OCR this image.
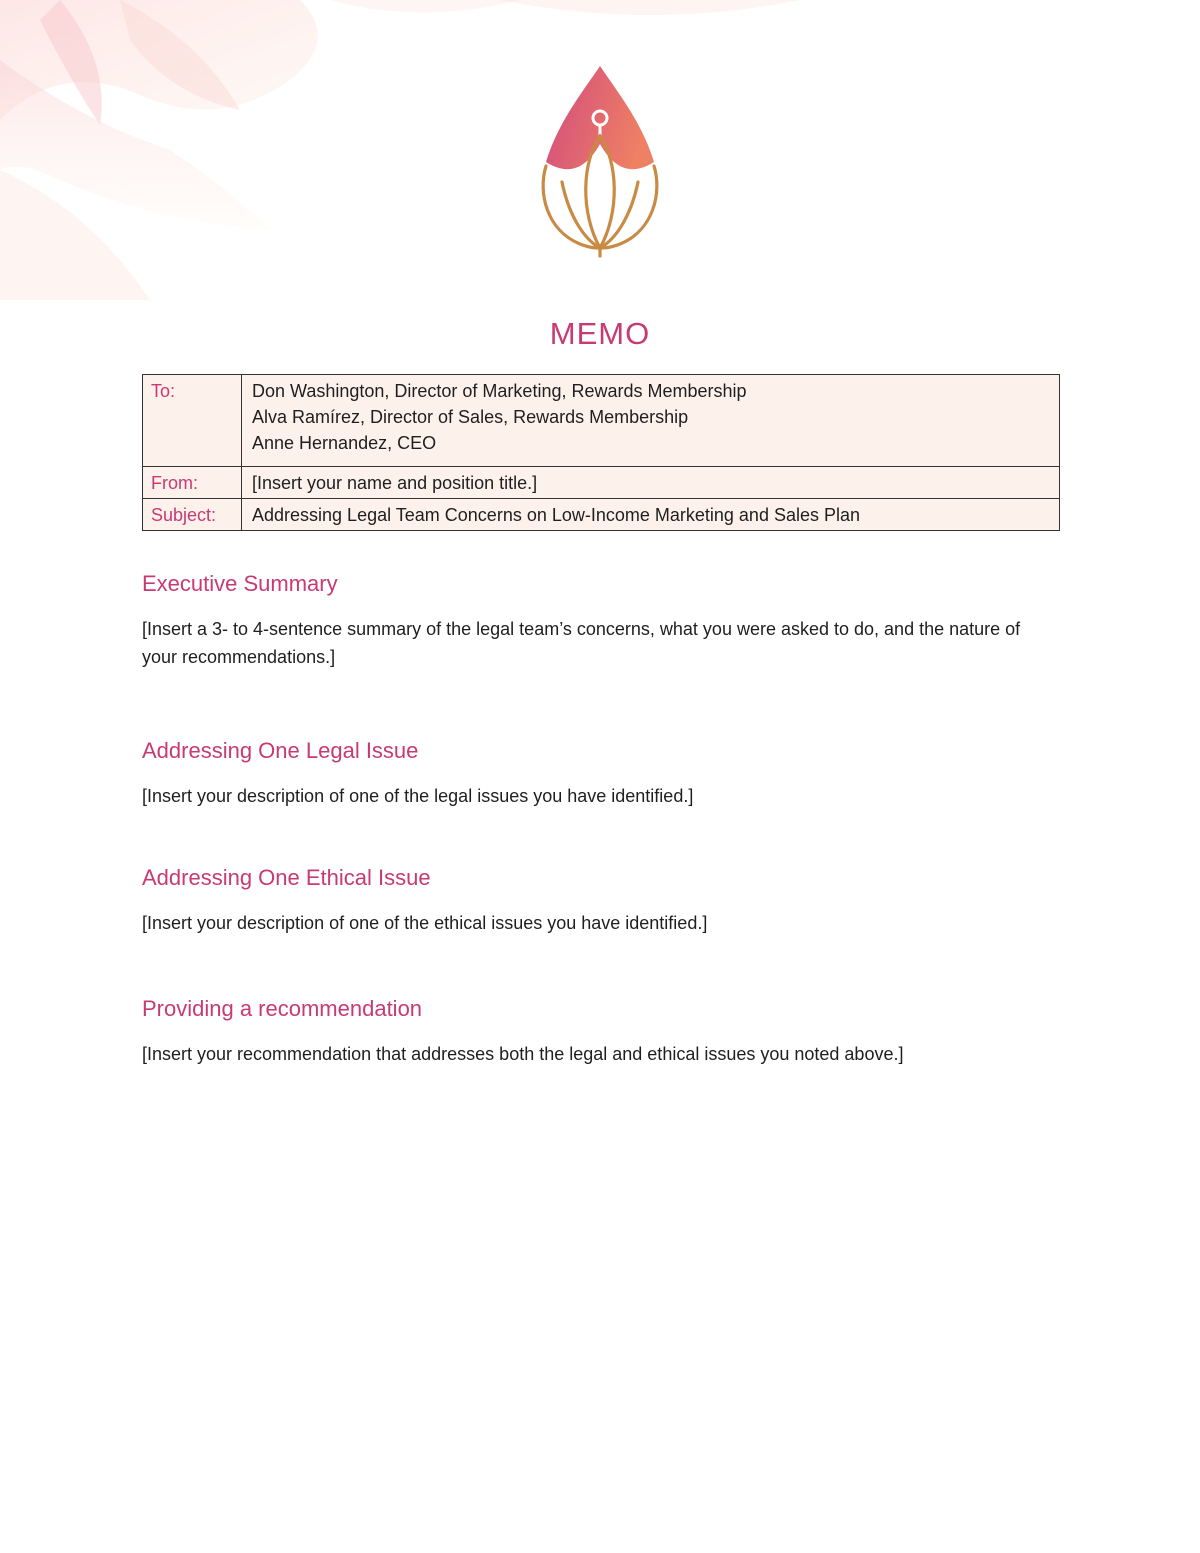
MEMO
To:	Don Washington, Director of Marketing, Rewards Membership
Alva Ramírez, Director of Sales, Rewards Membership
Anne Hernandez, CEO

From:	[Insert your name and position title.]
Subject:	Addressing Legal Team Concerns on Low-Income Marketing and Sales Plan
Executive Summary

[Insert a 3- to 4-sentence summary of the legal team’s concerns, what you were asked to do, and the nature of your recommendations.]

Addressing One Legal Issue

[Insert your description of one of the legal issues you have identified.]

Addressing One Ethical Issue

[Insert your description of one of the ethical issues you have identified.]

Providing a recommendation

[Insert your recommendation that addresses both the legal and ethical issues you noted above.]
